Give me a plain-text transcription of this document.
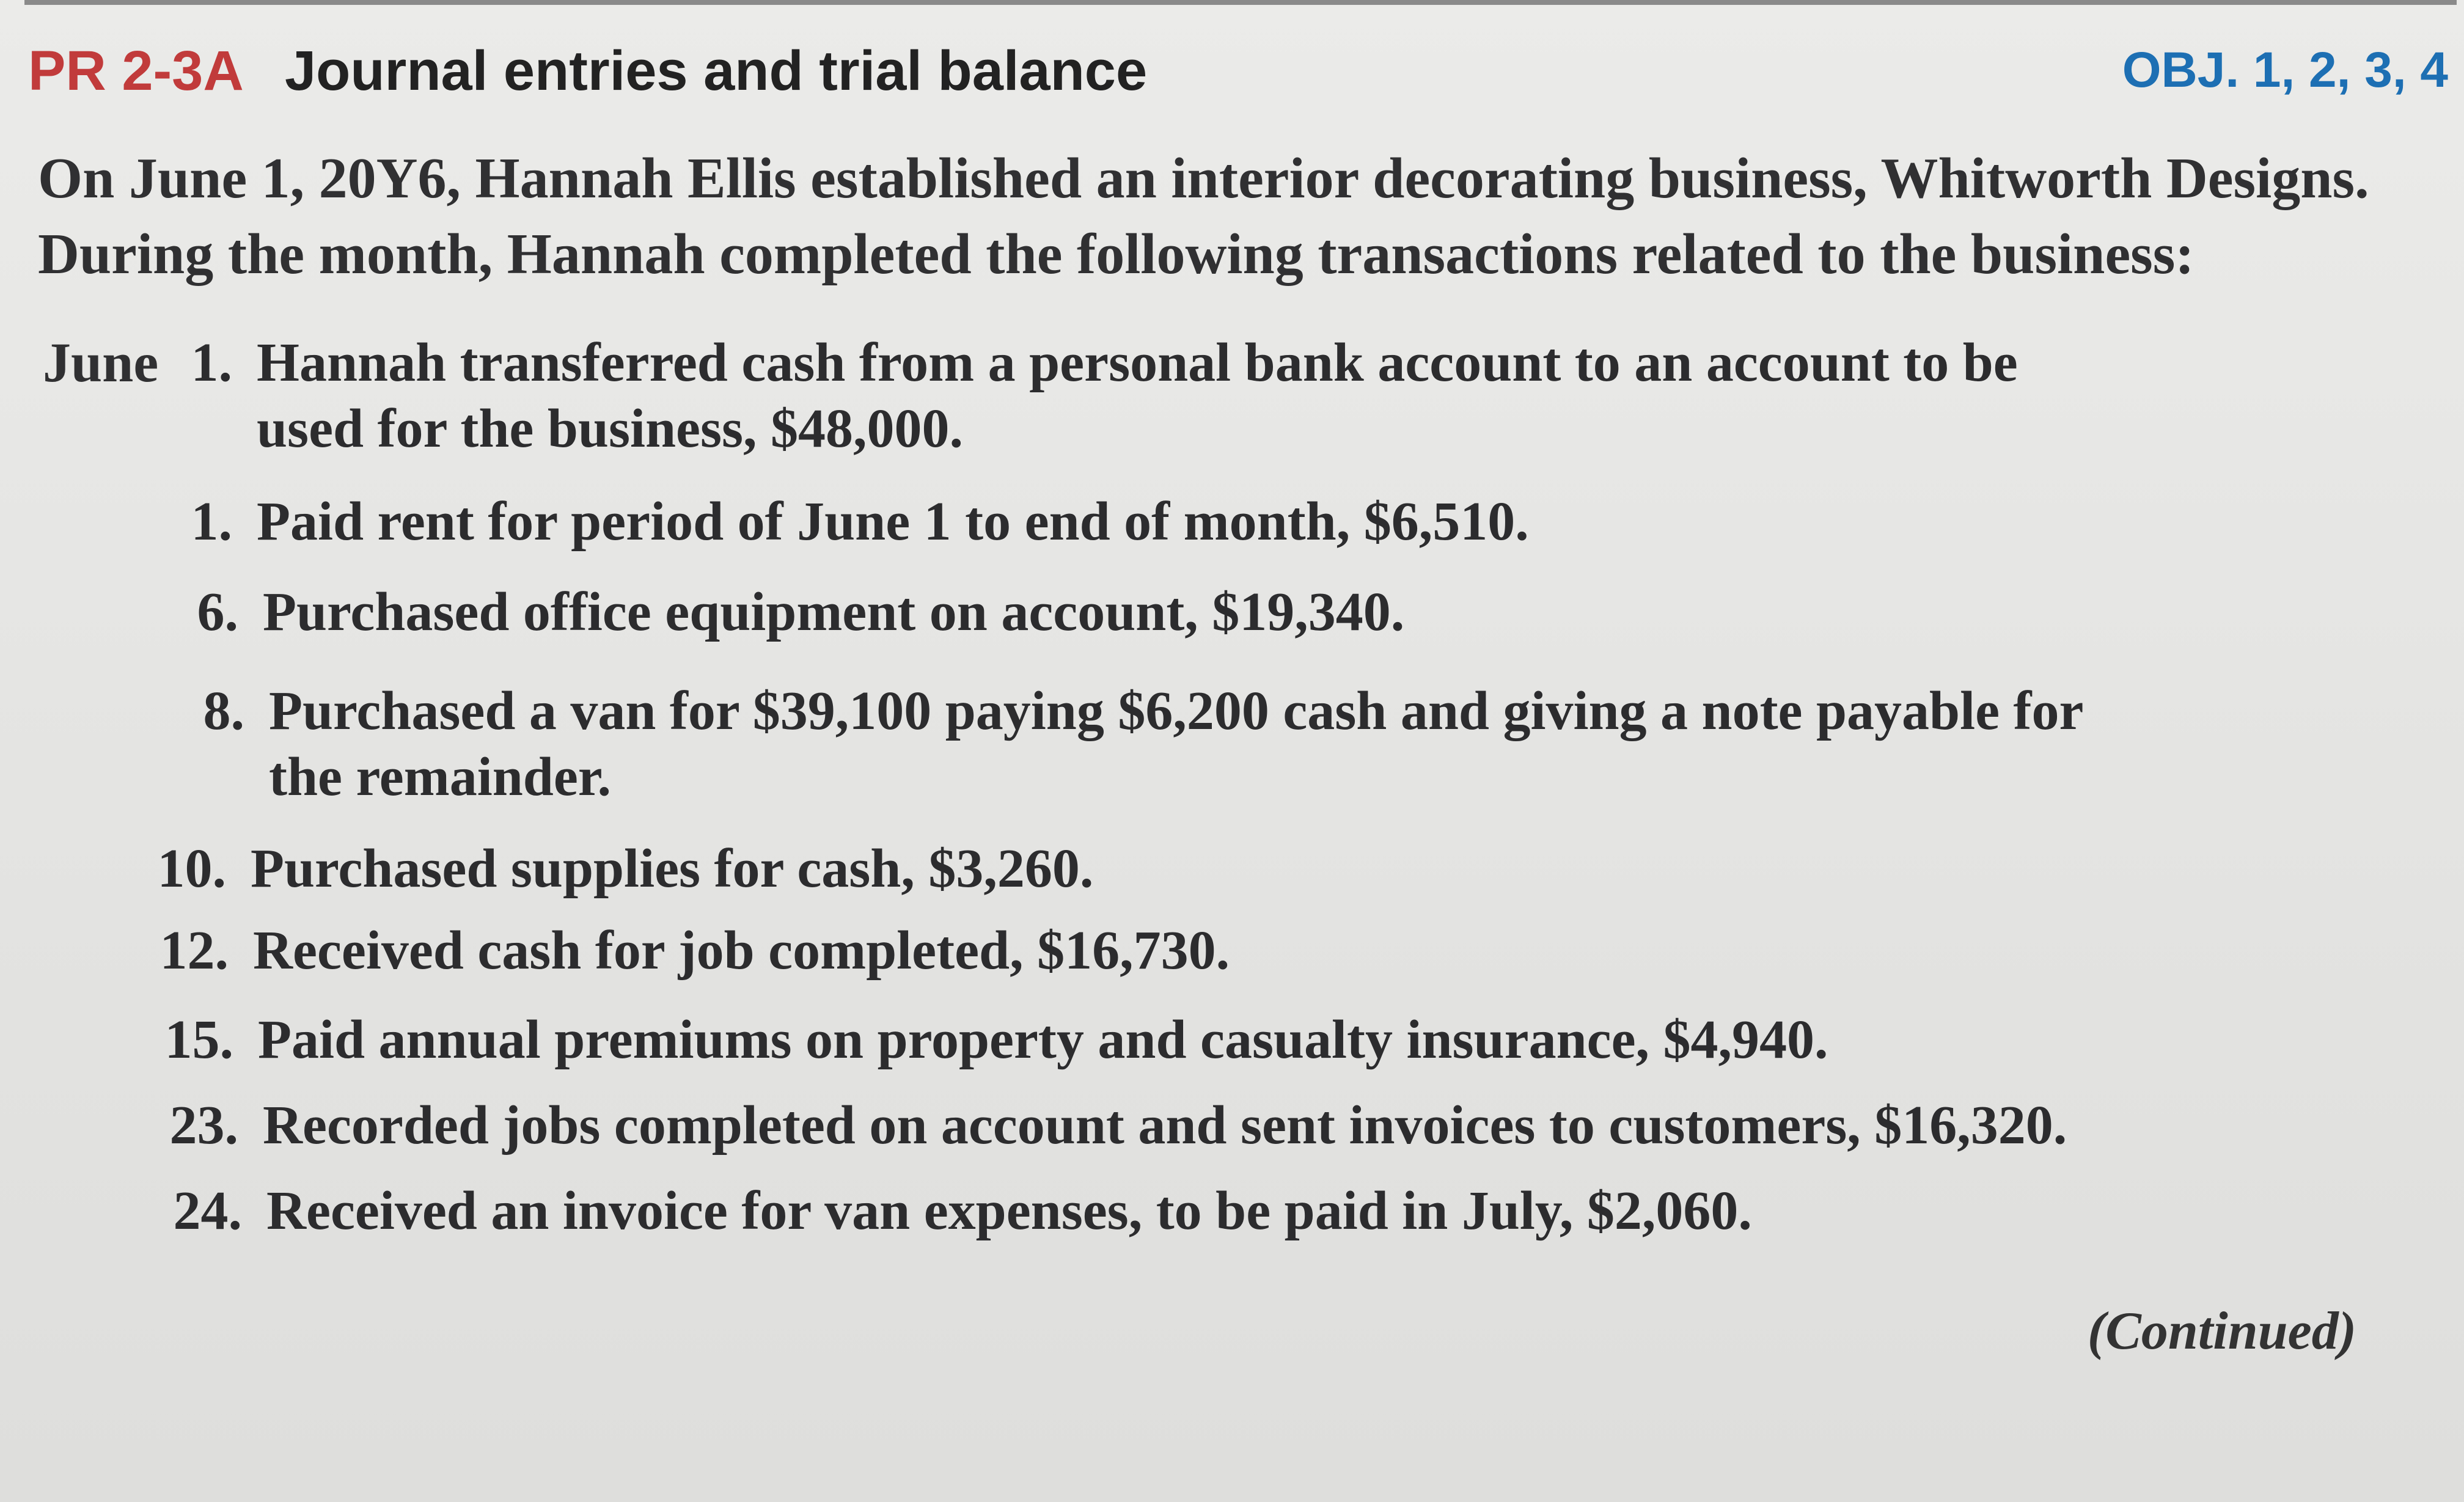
PR 2-3A Journal entries and trial balance	OBJ. 1, 2, 3, 4

On June 1, 20Y6, Hannah Ellis established an interior decorating business, Whitworth Designs.
During the month, Hannah completed the following transactions related to the business:

June 1. Hannah transferred cash from a personal bank account to an account to be
used for the business, $48,000.
1. Paid rent for period of June 1 to end of month, $6,510.
6. Purchased office equipment on account, $19,340.
8. Purchased a van for $39,100 paying $6,200 cash and giving a note payable for
the remainder.
10. Purchased supplies for cash, $3,260.
12. Received cash for job completed, $16,730.
15. Paid annual premiums on property and casualty insurance, $4,940.
23. Recorded jobs completed on account and sent invoices to customers, $16,320.
24. Received an invoice for van expenses, to be paid in July, $2,060.
(Continued)
